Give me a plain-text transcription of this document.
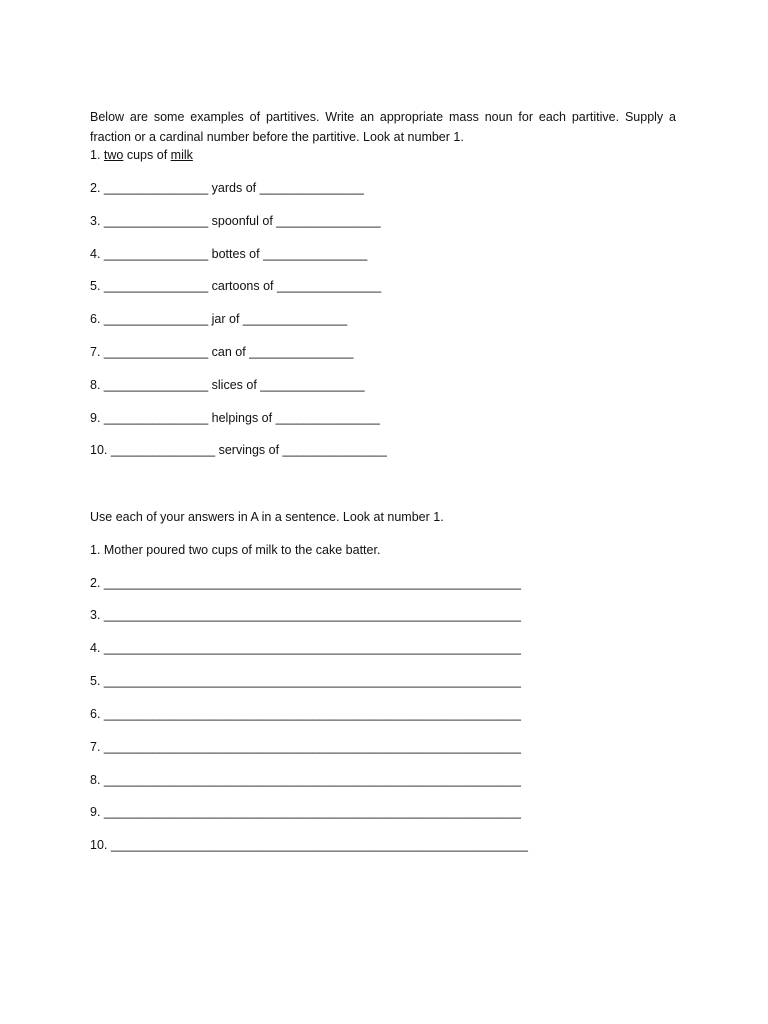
Below are some examples of partitives. Write an appropriate mass noun for each partitive. Supply a fraction or a cardinal number before the partitive. Look at number 1.

1. two cups of milk
2. _______________ yards of _______________
3. _______________ spoonful of _______________
4. _______________ bottes of _______________
5. _______________ cartoons of _______________
6. _______________ jar of _______________
7. _______________ can of _______________
8. _______________ slices of _______________
9. _______________ helpings of _______________
10. _______________ servings of _______________
Use each of your answers in A in a sentence. Look at number 1.
1. Mother poured two cups of milk to the cake batter.
2. ____________________________________________________________
3. ____________________________________________________________
4. ____________________________________________________________
5. ____________________________________________________________
6. ____________________________________________________________
7. ____________________________________________________________
8. ____________________________________________________________
9. ____________________________________________________________
10. ____________________________________________________________
